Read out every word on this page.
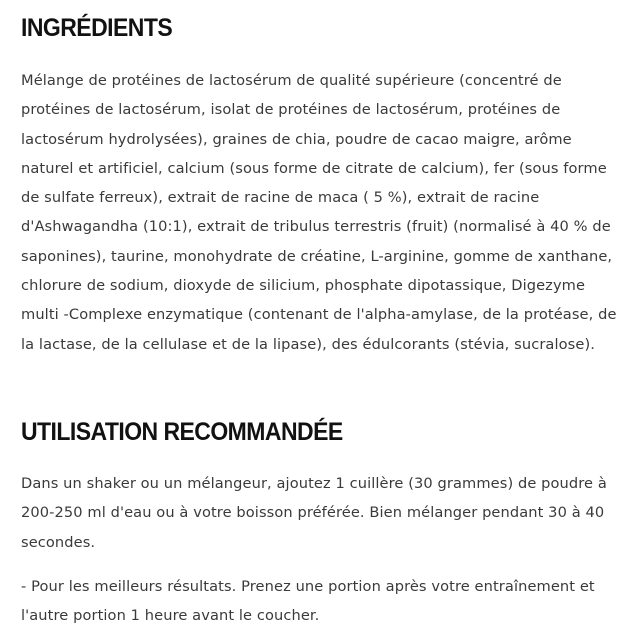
INGRÉDIENTS

Mélange de protéines de lactosérum de qualité supérieure (concentré de protéines de lactosérum, isolat de protéines de lactosérum, protéines de lactosérum hydrolysées), graines de chia, poudre de cacao maigre, arôme naturel et artificiel, calcium (sous forme de citrate de calcium), fer (sous forme de sulfate ferreux), extrait de racine de maca ( 5 %), extrait de racine d'Ashwagandha (10:1), extrait de tribulus terrestris (fruit) (normalisé à 40 % de saponines), taurine, monohydrate de créatine, L-arginine, gomme de xanthane, chlorure de sodium, dioxyde de silicium, phosphate dipotassique, Digezyme multi -Complexe enzymatique (contenant de l'alpha-amylase, de la protéase, de la lactase, de la cellulase et de la lipase), des édulcorants (stévia, sucralose).

UTILISATION RECOMMANDÉE

Dans un shaker ou un mélangeur, ajoutez 1 cuillère (30 grammes) de poudre à 200-250 ml d'eau ou à votre boisson préférée. Bien mélanger pendant 30 à 40 secondes.

- Pour les meilleurs résultats. Prenez une portion après votre entraînement et l'autre portion 1 heure avant le coucher.
